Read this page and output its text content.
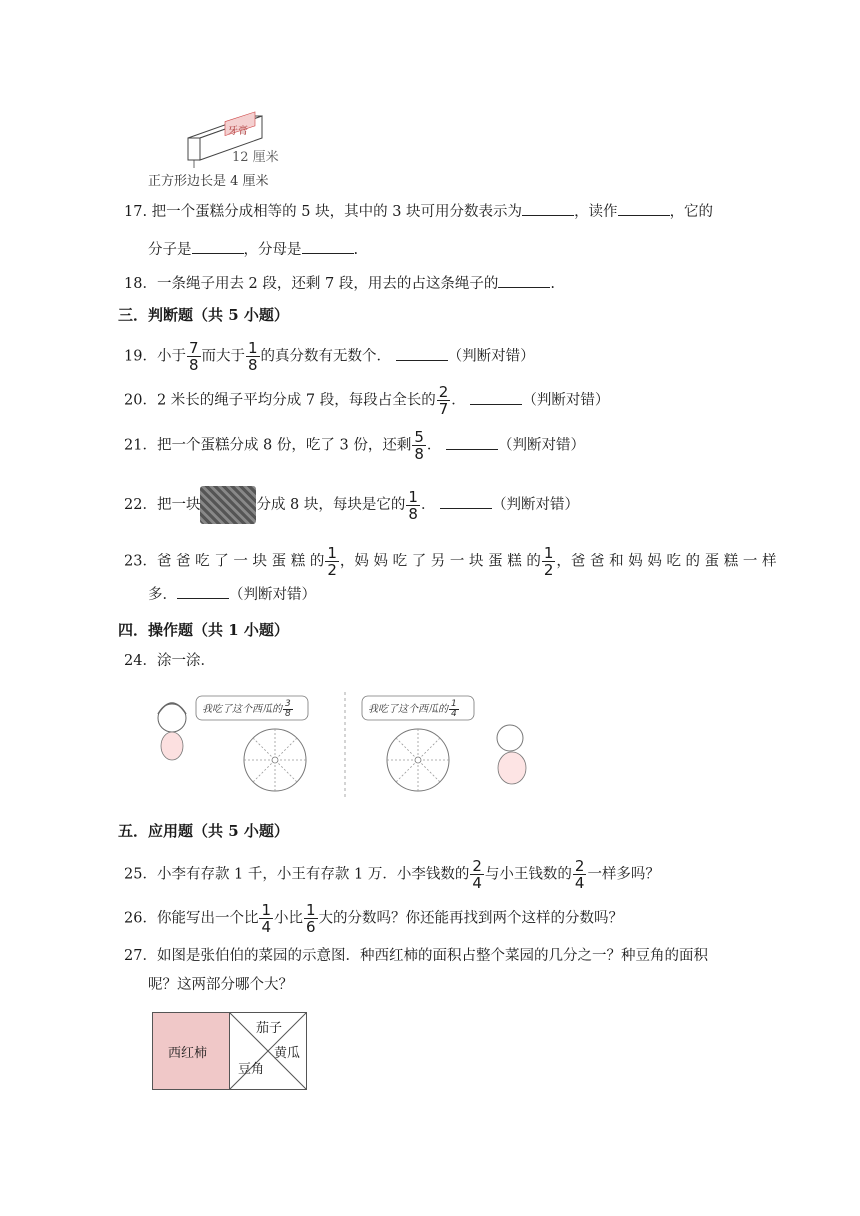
牙膏
12 厘米
正方形边长是 4 厘米
17. 把一个蛋糕分成相等的 5 块，其中的 3 块可用分数表示为	，读作	，它的
分子是	，分母是	.
18．一条绳子用去 2 段，还剩 7 段，用去的占这条绳子的	.
三．判断题（共 5 小题）
19．小于 $\frac{7}{8}$ 而大于 $\frac{1}{8}$ 的真分数有无数个．	（判断对错）
20．2 米长的绳子平均分成 7 段，每段占全长的 $\frac{2}{7}$ ．	（判断对错）
21．把一个蛋糕分成 8 份，吃了 3 份，还剩 $\frac{5}{8}$ ．	（判断对错）
22．把一块	分成 8 块，每块是它的 $\frac{1}{8}$ ．	（判断对错）
23．爸 爸 吃 了 一 块 蛋 糕 的 $\frac{1}{2}$ ，妈 妈 吃 了 另 一 块 蛋 糕 的 $\frac{1}{2}$ ，爸 爸 和 妈 妈 吃 的 蛋 糕 一 样
多．	（判断对错）
四．操作题（共 1 小题）
24．涂一涂．
我吃了这个西瓜的 $\frac{3}{8}$	我吃了这个西瓜的 $\frac{1}{4}$
五．应用题（共 5 小题）
25．小李有存款 1 千，小王有存款 1 万．小李钱数的 $\frac{2}{4}$ 与小王钱数的 $\frac{2}{4}$ 一样多吗？
26．你能写出一个比 $\frac{1}{4}$ 小比 $\frac{1}{6}$ 大的分数吗？你还能再找到两个这样的分数吗？
27．如图是张伯伯的菜园的示意图．种西红柿的面积占整个菜园的几分之一？种豆角的面积
呢？这两部分哪个大？
西红柿
茄子
黄瓜
豆角
